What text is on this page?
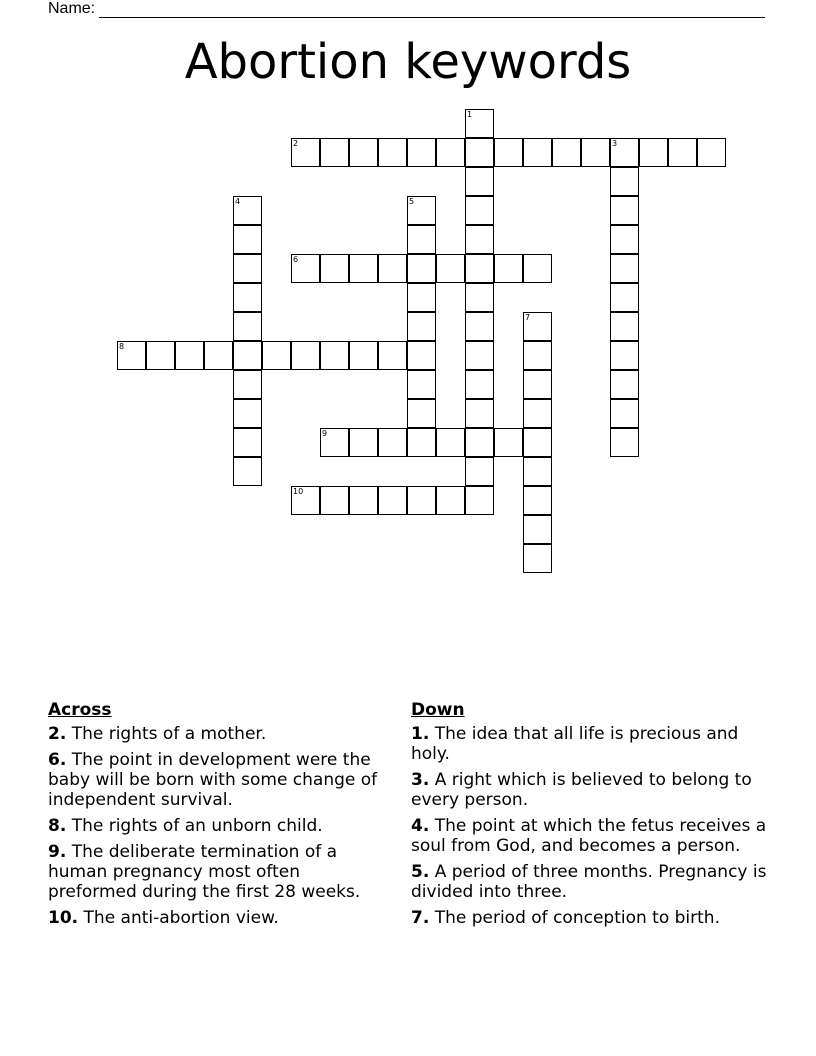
Name:
Abortion keywords
1
2	3
4	5
6
7
8
9
10
Across
2. The rights of a mother.
6. The point in development were the baby will be born with some change of independent survival.
8. The rights of an unborn child.
9. The deliberate termination of a human pregnancy most often preformed during the first 28 weeks.
10. The anti-abortion view.
Down
1. The idea that all life is precious and holy.
3. A right which is believed to belong to every person.
4. The point at which the fetus receives a soul from God, and becomes a person.
5. A period of three months. Pregnancy is divided into three.
7. The period of conception to birth.
